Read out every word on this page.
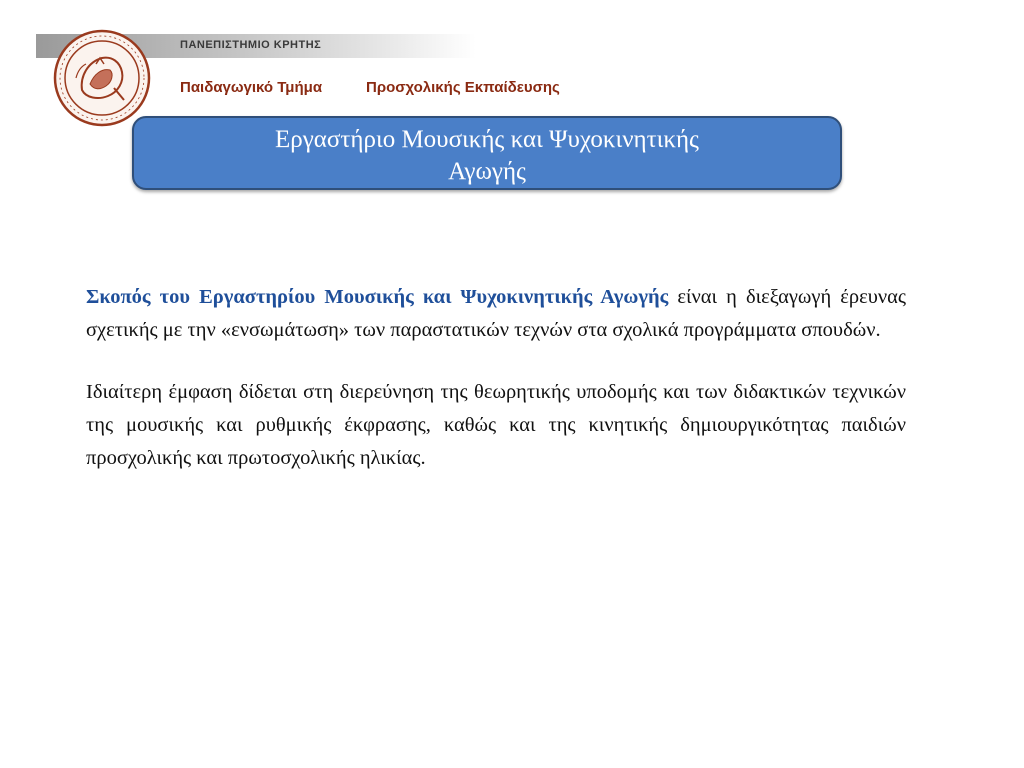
ΠΑΝΕΠΙΣΤΗΜΙΟ ΚΡΗΤΗΣ
Παιδαγωγικό Τμήμα	Προσχολικής Εκπαίδευσης
Εργαστήριο Μουσικής και Ψυχοκινητικής
Αγωγής

Σκοπός του Εργαστηρίου Μουσικής και Ψυχοκινητικής Αγωγής είναι η διεξαγωγή έρευνας σχετικής με την «ενσωμάτωση» των παραστατικών τεχνών στα σχολικά προγράμματα σπουδών.

Ιδιαίτερη έμφαση δίδεται στη διερεύνηση της θεωρητικής υποδομής και των διδακτικών τεχνικών της μουσικής και ρυθμικής έκφρασης, καθώς και της κινητικής δημιουργικότητας παιδιών προσχολικής και πρωτοσχολικής ηλικίας.
